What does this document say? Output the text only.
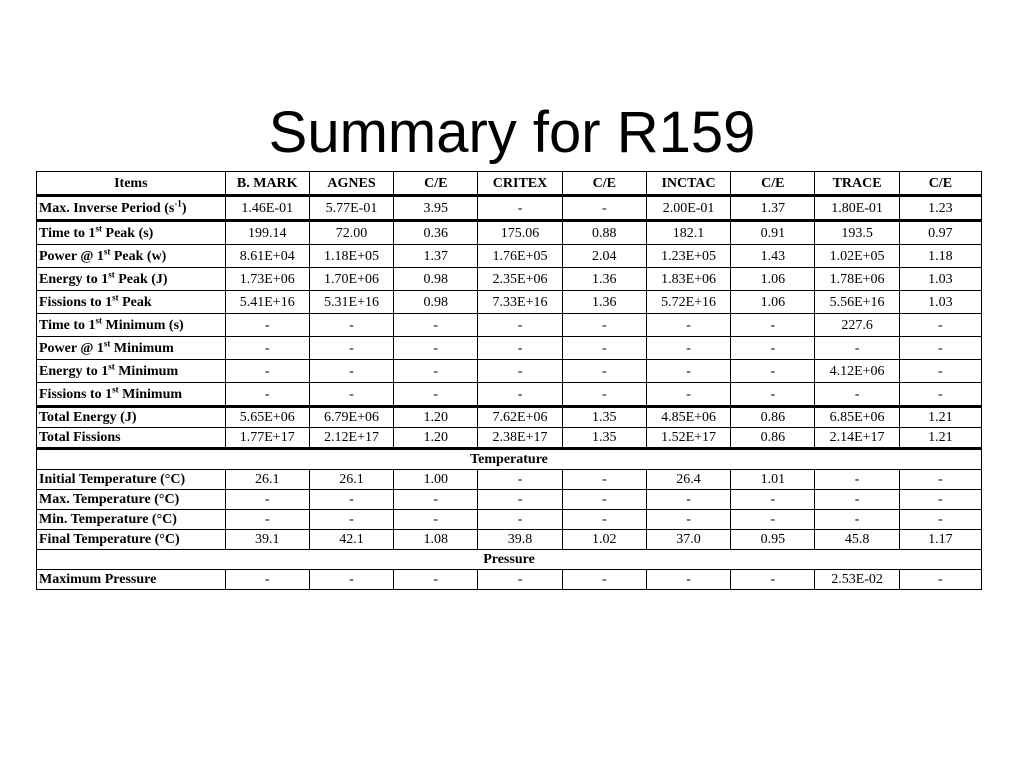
Summary for R159
Items	B. MARK	AGNES	C/E	CRITEX	C/E	INCTAC	C/E	TRACE	C/E
Max. Inverse Period $(s^{-1})$	1.46E-01	5.77E-01	3.95	-	-	2.00E-01	1.37	1.80E-01	1.23
Time to 1st Peak (s)	199.14	72.00	0.36	175.06	0.88	182.1	0.91	193.5	0.97
Power @ 1st Peak (w)	8.61E+04	1.18E+05	1.37	1.76E+05	2.04	1.23E+05	1.43	1.02E+05	1.18
Energy to 1st Peak (J)	1.73E+06	1.70E+06	0.98	2.35E+06	1.36	1.83E+06	1.06	1.78E+06	1.03
Fissions to 1st Peak	5.41E+16	5.31E+16	0.98	7.33E+16	1.36	5.72E+16	1.06	5.56E+16	1.03
Time to 1st Minimum (s)	-	-	-	-	-	-	-	227.6	-
Power @ 1st Minimum	-	-	-	-	-	-	-	-	-
Energy to 1st Minimum	-	-	-	-	-	-	-	4.12E+06	-
Fissions to 1st Minimum	-	-	-	-	-	-	-	-	-
Total Energy (J)	5.65E+06	6.79E+06	1.20	7.62E+06	1.35	4.85E+06	0.86	6.85E+06	1.21
Total Fissions	1.77E+17	2.12E+17	1.20	2.38E+17	1.35	1.52E+17	0.86	2.14E+17	1.21
Temperature									
Initial Temperature (°C)	26.1	26.1	1.00	-	-	26.4	1.01	-	-
Max. Temperature (°C)	-	-	-	-	-	-	-	-	-
Min. Temperature (°C)	-	-	-	-	-	-	-	-	-
Final Temperature (°C)	39.1	42.1	1.08	39.8	1.02	37.0	0.95	45.8	1.17
Pressure									
Maximum Pressure	-	-	-	-	-	-	-	2.53E-02	-
